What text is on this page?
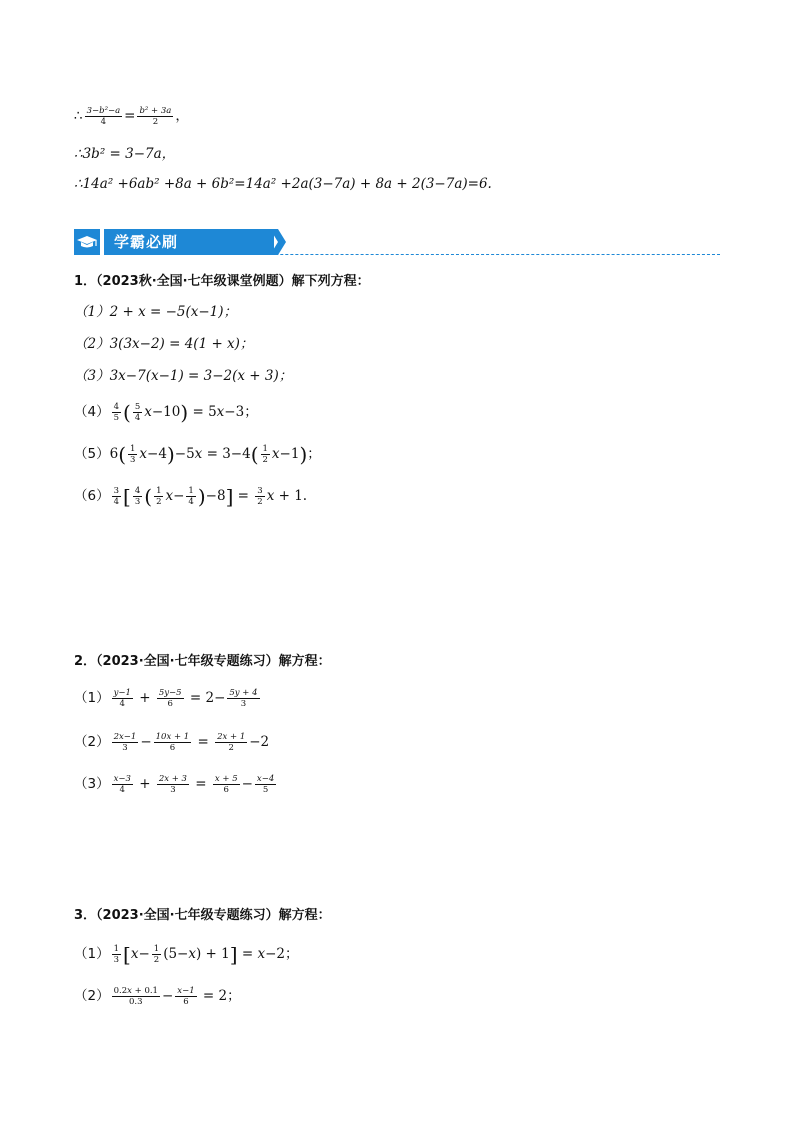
∴ $\frac{\text{3−b²−a}}{4} = \frac{\text{b² + 3a}}{2}$ ，
∴3b² = 3−7a，
∴14a² +6ab² +8a + 6b²=14a² +2a(3−7a) + 8a + 2(3−7a)=6.
学霸必刷
1．（2023秋·全国·七年级课堂例题）解下列方程：
（1）2 + x = −5(x−1)；
（2）3(3x−2) = 4(1 + x)；
（3）3x−7(x−1) = 3−2(x + 3)；
$(4) \frac{4}{5}$ ( $\frac{5}{4} x-10) = 5x-3$；
$(5)6( \frac{1}{3} x-4)-5x = 3-4( \frac{1}{2} x-1)$；
$(6) \frac{3}{4}$ [ $\frac{4}{3}$ ( $\frac{1}{2} x- \frac{1}{4} )-8] = \frac{3}{2}$ x + 1.
2．（2023·全国·七年级专题练习）解方程：
$(1) \frac{y-1}{4} + \frac{5y-5}{6} = 2- \frac{5y + 4}{3}$
$(2) \frac{2x-1}{3} - \frac{10x + 1}{6} = \frac{2x + 1}{2} -2$
$(3) \frac{x-3}{4} + \frac{2x + 3}{3} = \frac{x + 5}{6} - \frac{x-4}{5}$
3．（2023·全国·七年级专题练习）解方程：
$(1) \frac{1}{3} [x- \frac{1}{2} (5-x) + 1] = x-2$；
$(2) \frac{0.2x + 0.1}{0.3} - \frac{x-1}{6} = 2$；
